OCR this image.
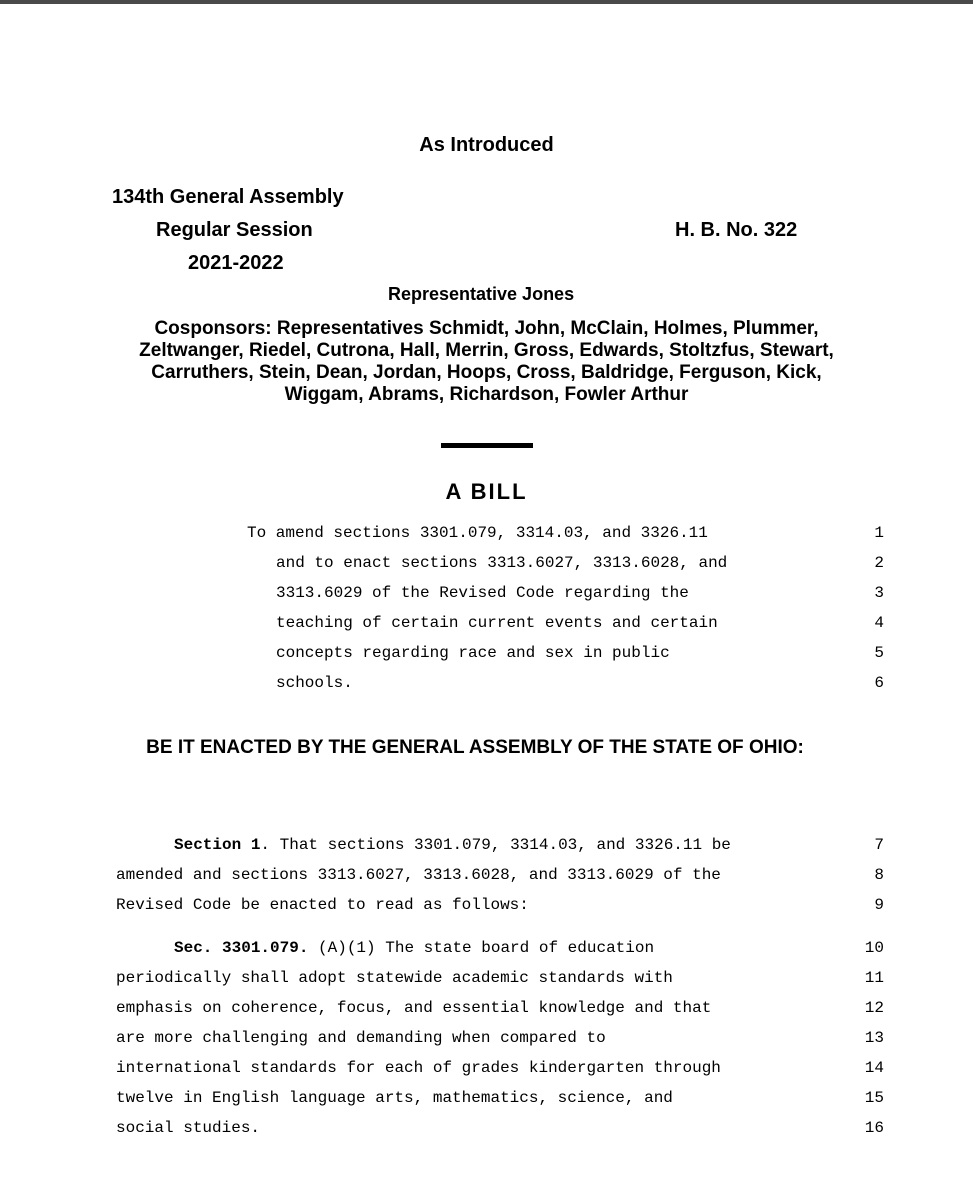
As Introduced
134th General Assembly
Regular Session	H. B. No. 322
2021-2022
Representative Jones
Cosponsors: Representatives Schmidt, John, McClain, Holmes, Plummer,
Zeltwanger, Riedel, Cutrona, Hall, Merrin, Gross, Edwards, Stoltzfus, Stewart,
Carruthers, Stein, Dean, Jordan, Hoops, Cross, Baldridge, Ferguson, Kick,
Wiggam, Abrams, Richardson, Fowler Arthur
A BILL
To amend sections 3301.079, 3314.03, and 3326.11	1
and to enact sections 3313.6027, 3313.6028, and	2
3313.6029 of the Revised Code regarding the	3
teaching of certain current events and certain	4
concepts regarding race and sex in public	5
schools.	6
BE IT ENACTED BY THE GENERAL ASSEMBLY OF THE STATE OF OHIO:
Section 1. That sections 3301.079, 3314.03, and 3326.11 be	7
amended and sections 3313.6027, 3313.6028, and 3313.6029 of the	8
Revised Code be enacted to read as follows:	9
Sec. 3301.079. (A)(1) The state board of education	10
periodically shall adopt statewide academic standards with	11
emphasis on coherence, focus, and essential knowledge and that	12
are more challenging and demanding when compared to	13
international standards for each of grades kindergarten through	14
twelve in English language arts, mathematics, science, and	15
social studies.	16
